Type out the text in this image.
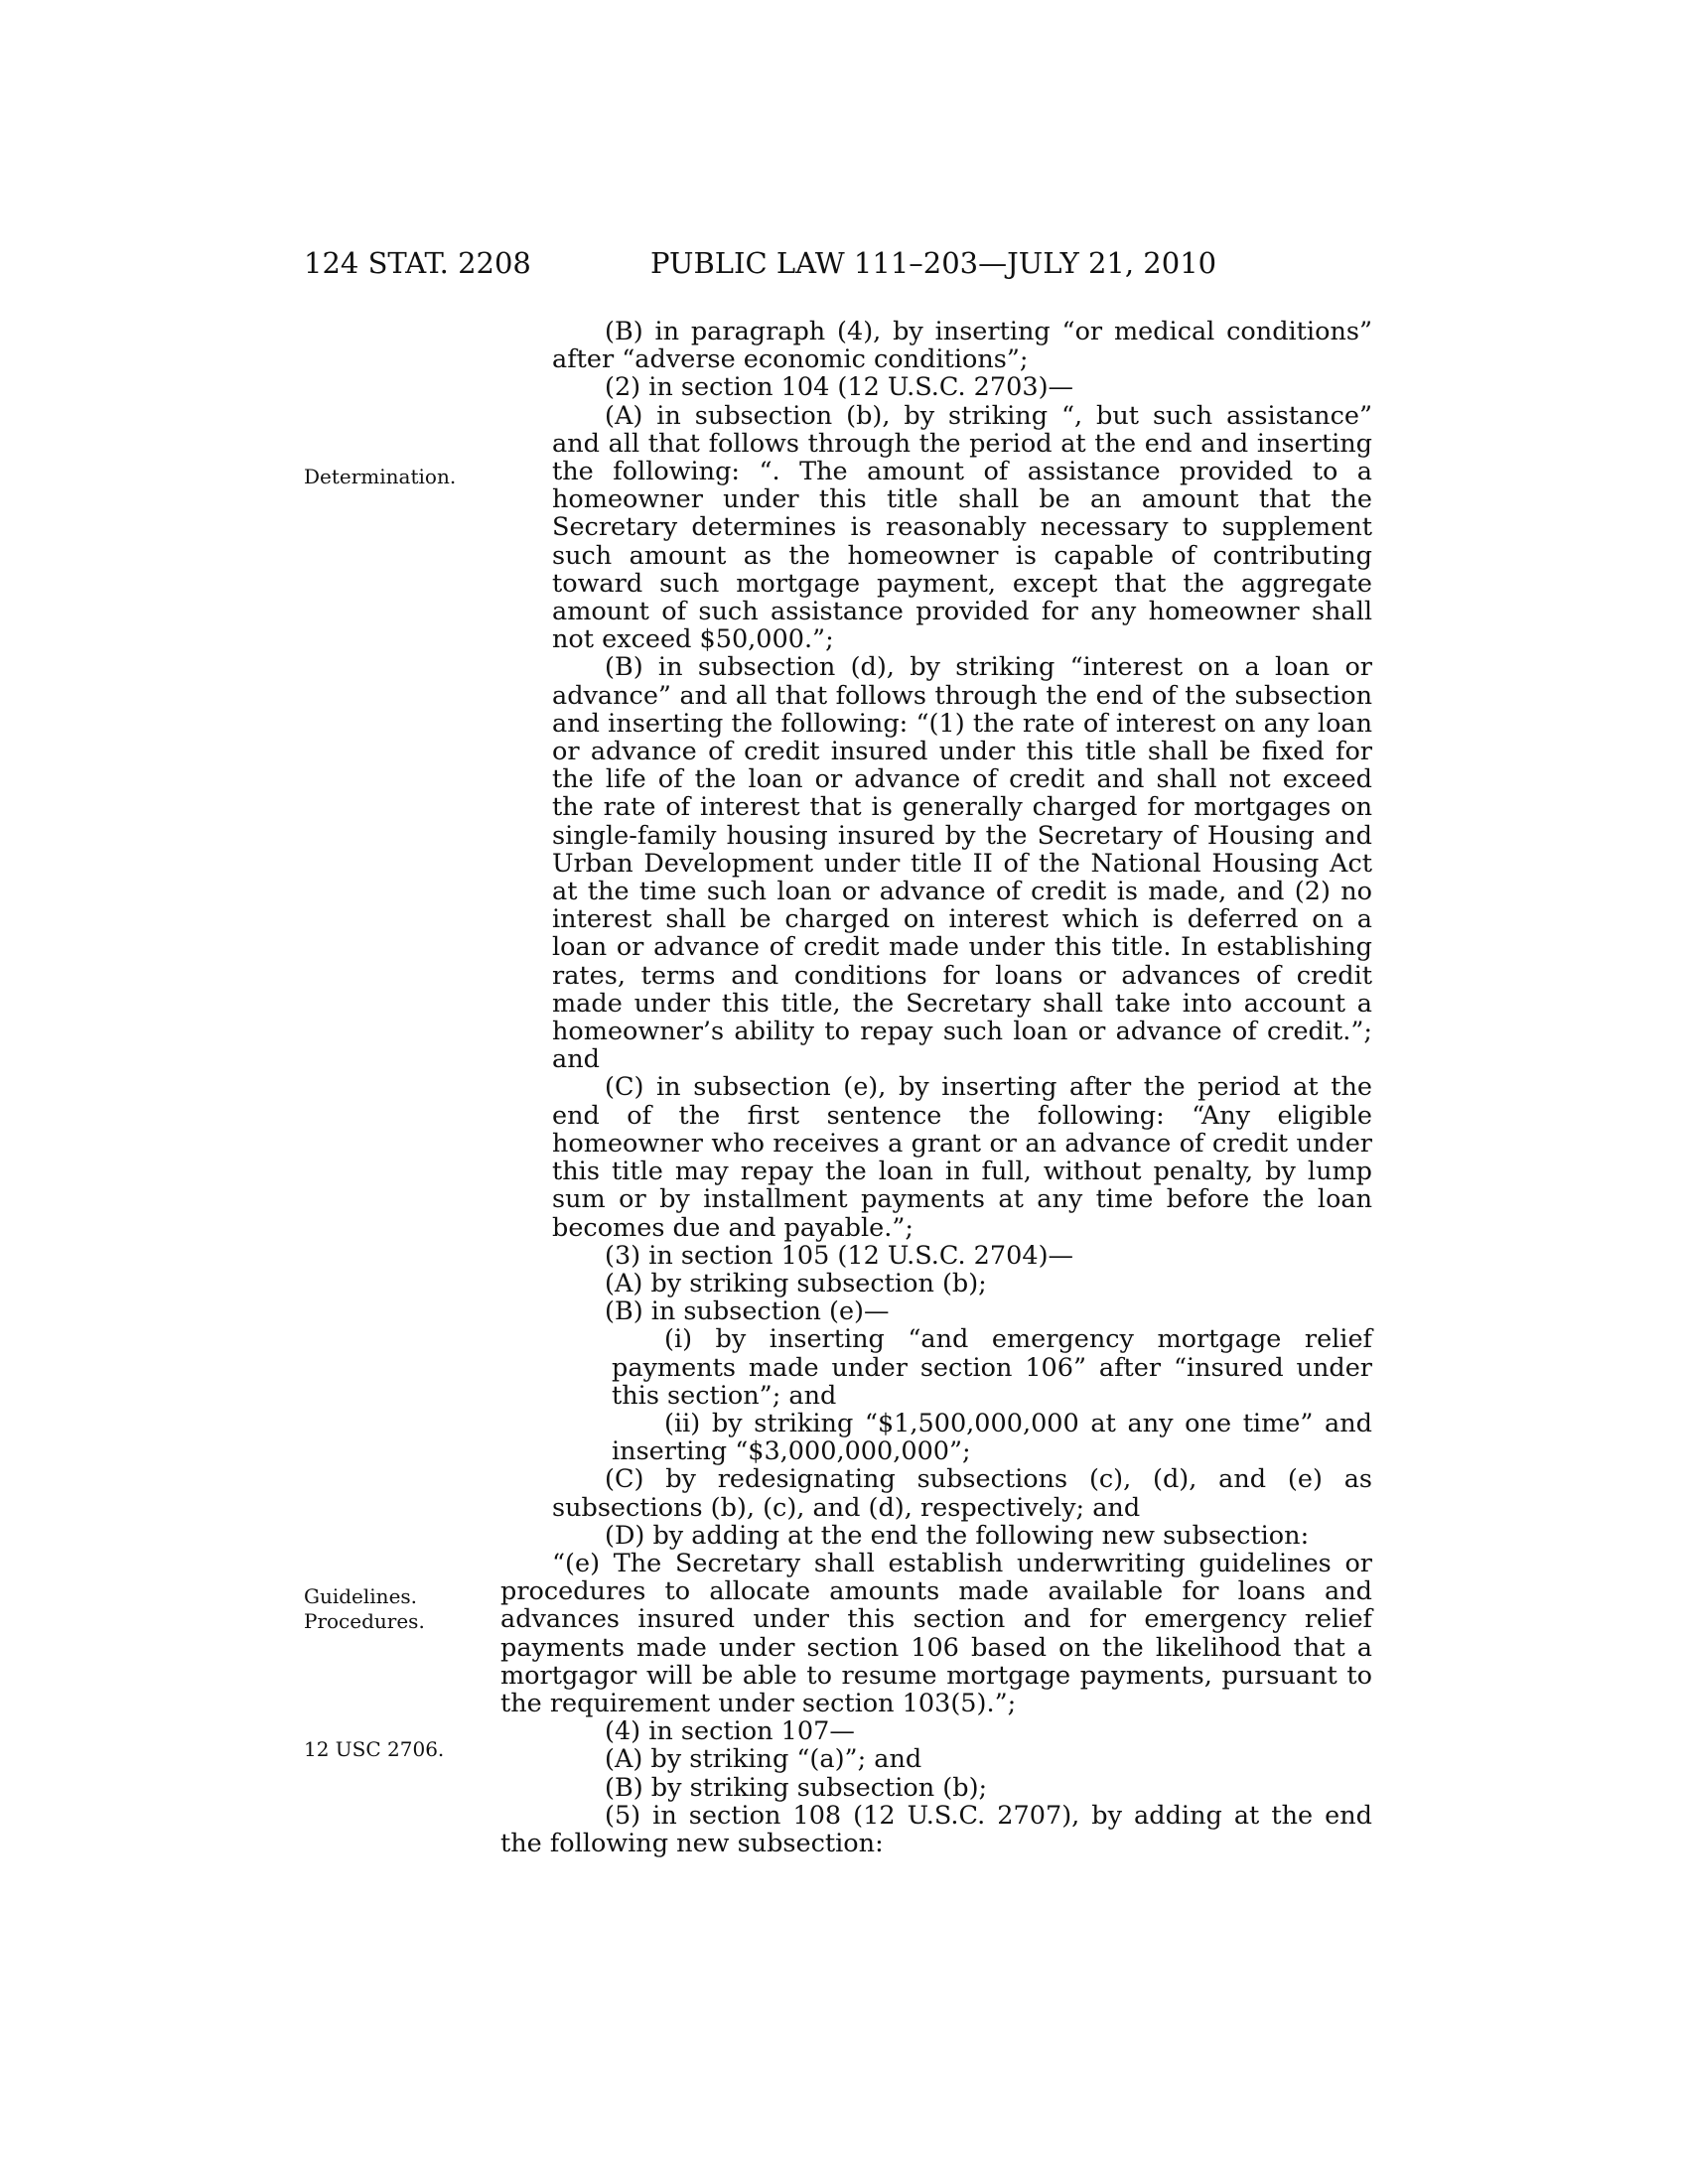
124 STAT. 2208	PUBLIC LAW 111–203—JULY 21, 2010
Determination.
Guidelines.
Procedures.
12 USC 2706.

(B) in paragraph (4), by inserting “or medical conditions” after “adverse economic conditions”;

(2) in section 104 (12 U.S.C. 2703)—

(A) in subsection (b), by striking “, but such assistance” and all that follows through the period at the end and inserting the following: “. The amount of assistance provided to a homeowner under this title shall be an amount that the Secretary determines is reasonably necessary to supplement such amount as the homeowner is capable of contributing toward such mortgage payment, except that the aggregate amount of such assistance provided for any homeowner shall not exceed $50,000.”;

(B) in subsection (d), by striking “interest on a loan or advance” and all that follows through the end of the subsection and inserting the following: “(1) the rate of interest on any loan or advance of credit insured under this title shall be fixed for the life of the loan or advance of credit and shall not exceed the rate of interest that is generally charged for mortgages on single-family housing insured by the Secretary of Housing and Urban Development under title II of the National Housing Act at the time such loan or advance of credit is made, and (2) no interest shall be charged on interest which is deferred on a loan or advance of credit made under this title. In establishing rates, terms and conditions for loans or advances of credit made under this title, the Secretary shall take into account a homeowner’s ability to repay such loan or advance of credit.”; and

(C) in subsection (e), by inserting after the period at the end of the first sentence the following: “Any eligible homeowner who receives a grant or an advance of credit under this title may repay the loan in full, without penalty, by lump sum or by installment payments at any time before the loan becomes due and payable.”;

(3) in section 105 (12 U.S.C. 2704)—

(A) by striking subsection (b);

(B) in subsection (e)—

(i) by inserting “and emergency mortgage relief payments made under section 106” after “insured under this section”; and

(ii) by striking “$1,500,000,000 at any one time” and inserting “$3,000,000,000”;

(C) by redesignating subsections (c), (d), and (e) as subsections (b), (c), and (d), respectively; and

(D) by adding at the end the following new subsection:

“(e) The Secretary shall establish underwriting guidelines or procedures to allocate amounts made available for loans and advances insured under this section and for emergency relief payments made under section 106 based on the likelihood that a mortgagor will be able to resume mortgage payments, pursuant to the requirement under section 103(5).”;

(4) in section 107—

(A) by striking “(a)”; and

(B) by striking subsection (b);

(5) in section 108 (12 U.S.C. 2707), by adding at the end the following new subsection:
